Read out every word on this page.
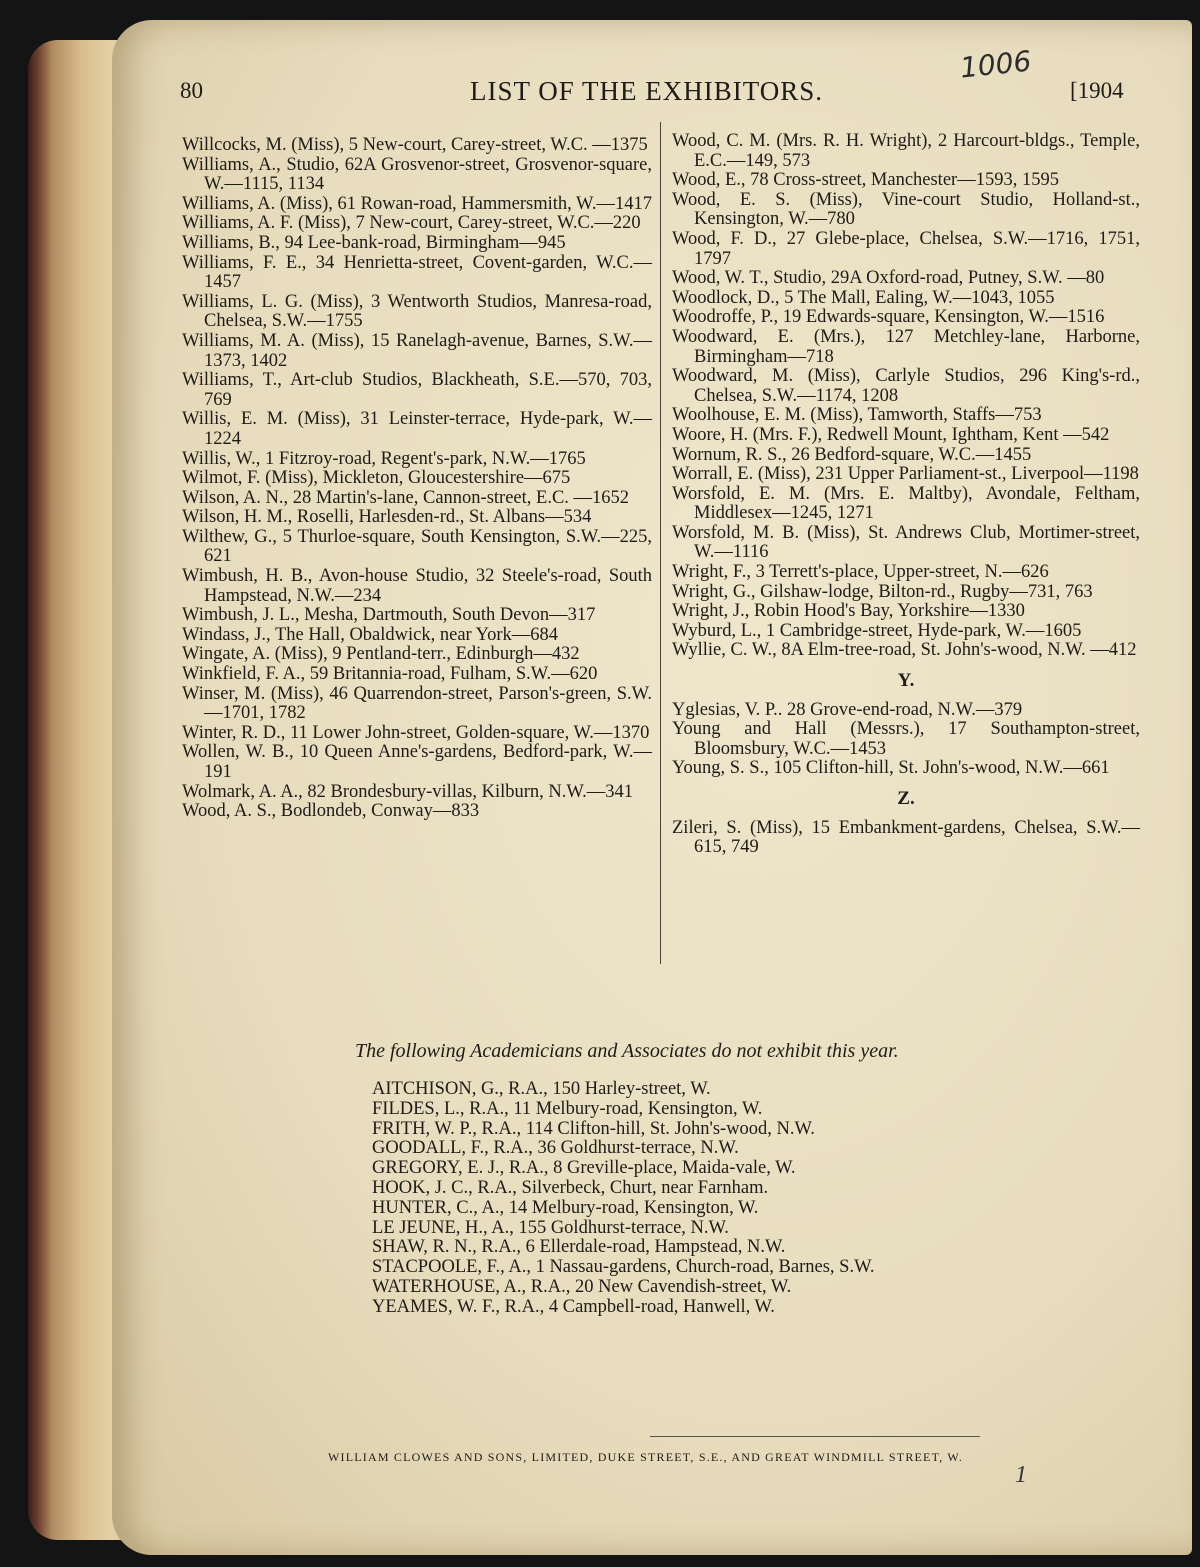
80	LIST OF THE EXHIBITORS.	[1904
1006
Willcocks, M. (Miss), 5 New-court, Carey-street, W.C. —1375
Williams, A., Studio, 62A Grosvenor-street, Grosvenor-square, W.—1115, 1134
Williams, A. (Miss), 61 Rowan-road, Hammersmith, W.—1417
Williams, A. F. (Miss), 7 New-court, Carey-street, W.C.—220
Williams, B., 94 Lee-bank-road, Birmingham—945
Williams, F. E., 34 Henrietta-street, Covent-garden, W.C.—1457
Williams, L. G. (Miss), 3 Wentworth Studios, Manresa-road, Chelsea, S.W.—1755
Williams, M. A. (Miss), 15 Ranelagh-avenue, Barnes, S.W.—1373, 1402
Williams, T., Art-club Studios, Blackheath, S.E.—570, 703, 769
Willis, E. M. (Miss), 31 Leinster-terrace, Hyde-park, W.—1224
Willis, W., 1 Fitzroy-road, Regent's-park, N.W.—1765
Wilmot, F. (Miss), Mickleton, Gloucestershire—675
Wilson, A. N., 28 Martin's-lane, Cannon-street, E.C. —1652
Wilson, H. M., Roselli, Harlesden-rd., St. Albans—534
Wilthew, G., 5 Thurloe-square, South Kensington, S.W.—225, 621
Wimbush, H. B., Avon-house Studio, 32 Steele's-road, South Hampstead, N.W.—234
Wimbush, J. L., Mesha, Dartmouth, South Devon—317
Windass, J., The Hall, Obaldwick, near York—684
Wingate, A. (Miss), 9 Pentland-terr., Edinburgh—432
Winkfield, F. A., 59 Britannia-road, Fulham, S.W.—620
Winser, M. (Miss), 46 Quarrendon-street, Parson's-green, S.W.—1701, 1782
Winter, R. D., 11 Lower John-street, Golden-square, W.—1370
Wollen, W. B., 10 Queen Anne's-gardens, Bedford-park, W.—191
Wolmark, A. A., 82 Brondesbury-villas, Kilburn, N.W.—341
Wood, A. S., Bodlondeb, Conway—833
Wood, C. M. (Mrs. R. H. Wright), 2 Harcourt-bldgs., Temple, E.C.—149, 573
Wood, E., 78 Cross-street, Manchester—1593, 1595
Wood, E. S. (Miss), Vine-court Studio, Holland-st., Kensington, W.—780
Wood, F. D., 27 Glebe-place, Chelsea, S.W.—1716, 1751, 1797
Wood, W. T., Studio, 29A Oxford-road, Putney, S.W. —80
Woodlock, D., 5 The Mall, Ealing, W.—1043, 1055
Woodroffe, P., 19 Edwards-square, Kensington, W.—1516
Woodward, E. (Mrs.), 127 Metchley-lane, Harborne, Birmingham—718
Woodward, M. (Miss), Carlyle Studios, 296 King's-rd., Chelsea, S.W.—1174, 1208
Woolhouse, E. M. (Miss), Tamworth, Staffs—753
Woore, H. (Mrs. F.), Redwell Mount, Ightham, Kent —542
Wornum, R. S., 26 Bedford-square, W.C.—1455
Worrall, E. (Miss), 231 Upper Parliament-st., Liverpool—1198
Worsfold, E. M. (Mrs. E. Maltby), Avondale, Feltham, Middlesex—1245, 1271
Worsfold, M. B. (Miss), St. Andrews Club, Mortimer-street, W.—1116
Wright, F., 3 Terrett's-place, Upper-street, N.—626
Wright, G., Gilshaw-lodge, Bilton-rd., Rugby—731, 763
Wright, J., Robin Hood's Bay, Yorkshire—1330
Wyburd, L., 1 Cambridge-street, Hyde-park, W.—1605
Wyllie, C. W., 8A Elm-tree-road, St. John's-wood, N.W. —412
Y.
Yglesias, V. P.. 28 Grove-end-road, N.W.—379
Young and Hall (Messrs.), 17 Southampton-street, Bloomsbury, W.C.—1453
Young, S. S., 105 Clifton-hill, St. John's-wood, N.W.—661
Z.
Zileri, S. (Miss), 15 Embankment-gardens, Chelsea, S.W.—615, 749
The following Academicians and Associates do not exhibit this year.
AITCHISON, G., R.A., 150 Harley-street, W.
FILDES, L., R.A., 11 Melbury-road, Kensington, W.
FRITH, W. P., R.A., 114 Clifton-hill, St. John's-wood, N.W.
GOODALL, F., R.A., 36 Goldhurst-terrace, N.W.
GREGORY, E. J., R.A., 8 Greville-place, Maida-vale, W.
HOOK, J. C., R.A., Silverbeck, Churt, near Farnham.
HUNTER, C., A., 14 Melbury-road, Kensington, W.
LE JEUNE, H., A., 155 Goldhurst-terrace, N.W.
SHAW, R. N., R.A., 6 Ellerdale-road, Hampstead, N.W.
STACPOOLE, F., A., 1 Nassau-gardens, Church-road, Barnes, S.W.
WATERHOUSE, A., R.A., 20 New Cavendish-street, W.
YEAMES, W. F., R.A., 4 Campbell-road, Hanwell, W.
WILLIAM CLOWES AND SONS, LIMITED, DUKE STREET, S.E., AND GREAT WINDMILL STREET, W.
1
